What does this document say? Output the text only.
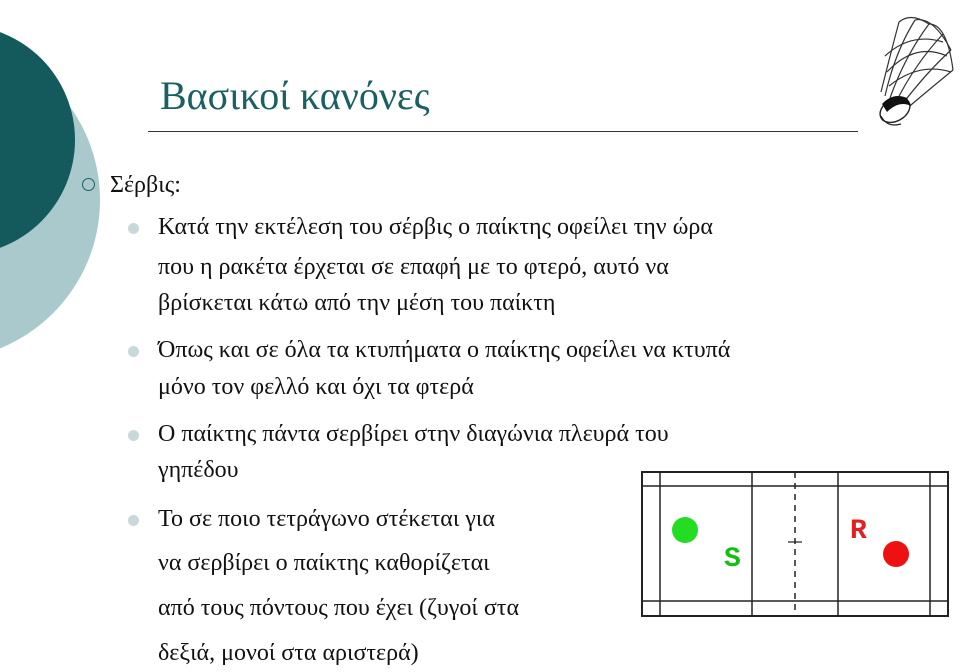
Βασικοί κανόνες
Σέρβις:
Κατά την εκτέλεση του σέρβις ο παίκτης οφείλει την ώρα
που η ρακέτα έρχεται σε επαφή με το φτερό, αυτό να
βρίσκεται κάτω από την μέση του παίκτη
Όπως και σε όλα τα κτυπήματα ο παίκτης οφείλει να κτυπά
μόνο τον φελλό και όχι τα φτερά
Ο παίκτης πάντα σερβίρει στην διαγώνια πλευρά του
γηπέδου
Το σε ποιο τετράγωνο στέκεται για
να σερβίρει ο παίκτης καθορίζεται
από τους πόντους που έχει (ζυγοί στα
δεξιά, μονοί στα αριστερά)
S
R
